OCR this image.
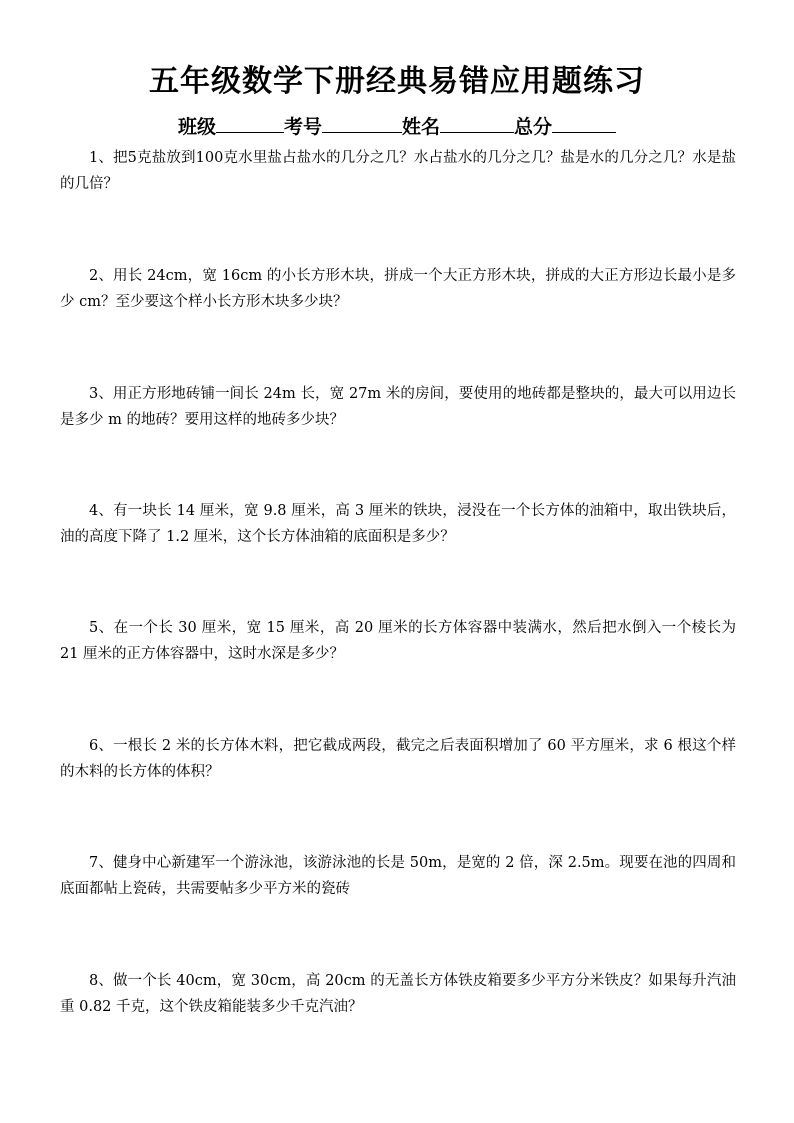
五年级数学下册经典易错应用题练习
班级	考号	姓名	总分

1、把5克盐放到100克水里盐占盐水的几分之几？水占盐水的几分之几？盐是水的几分之几？水是盐的几倍？

2、用长 24cm，宽 16cm 的小长方形木块，拼成一个大正方形木块，拼成的大正方形边长最小是多少 cm？至少要这个样小长方形木块多少块？

3、用正方形地砖铺一间长 24m 长，宽 27m 米的房间，要使用的地砖都是整块的，最大可以用边长是多少 m 的地砖？要用这样的地砖多少块？

4、有一块长 14 厘米，宽 9.8 厘米，高 3 厘米的铁块，浸没在一个长方体的油箱中，取出铁块后，油的高度下降了 1.2 厘米，这个长方体油箱的底面积是多少？

5、在一个长 30 厘米，宽 15 厘米，高 20 厘米的长方体容器中装满水，然后把水倒入一个棱长为 21 厘米的正方体容器中，这时水深是多少？

6、一根长 2 米的长方体木料，把它截成两段，截完之后表面积增加了 60 平方厘米，求 6 根这个样的木料的长方体的体积？

7、健身中心新建军一个游泳池，该游泳池的长是 50m，是宽的 2 倍，深 2.5m。现要在池的四周和底面都帖上瓷砖，共需要帖多少平方米的瓷砖

8、做一个长 40cm，宽 30cm，高 20cm 的无盖长方体铁皮箱要多少平方分米铁皮？如果每升汽油重 0.82 千克，这个铁皮箱能装多少千克汽油？
